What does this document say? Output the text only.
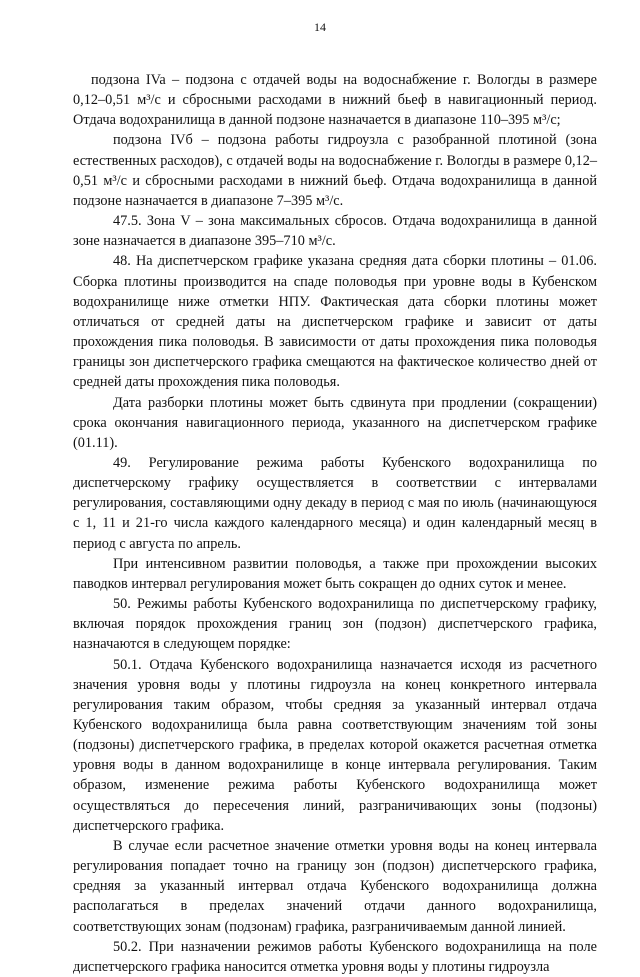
14

подзона IVa – подзона с отдачей воды на водоснабжение г. Вологды в размере 0,12–0,51 м³/с и сбросными расходами в нижний бьеф в навигационный период. Отдача водохранилища в данной подзоне назначается в диапазоне 110–395 м³/с;

подзона IVб – подзона работы гидроузла с разобранной плотиной (зона естественных расходов), с отдачей воды на водоснабжение г. Вологды в размере 0,12–0,51 м³/с и сбросными расходами в нижний бьеф. Отдача водохранилища в данной подзоне назначается в диапазоне 7–395 м³/с.

47.5. Зона V – зона максимальных сбросов. Отдача водохранилища в данной зоне назначается в диапазоне 395–710 м³/с.

48. На диспетчерском графике указана средняя дата сборки плотины – 01.06. Сборка плотины производится на спаде половодья при уровне воды в Кубенском водохранилище ниже отметки НПУ. Фактическая дата сборки плотины может отличаться от средней даты на диспетчерском графике и зависит от даты прохождения пика половодья. В зависимости от даты прохождения пика половодья границы зон диспетчерского графика смещаются на фактическое количество дней от средней даты прохождения пика половодья.

Дата разборки плотины может быть сдвинута при продлении (сокращении) срока окончания навигационного периода, указанного на диспетчерском графике (01.11).

49. Регулирование режима работы Кубенского водохранилища по диспетчерскому графику осуществляется в соответствии с интервалами регулирования, составляющими одну декаду в период с мая по июль (начинающуюся с 1, 11 и 21-го числа каждого календарного месяца) и один календарный месяц в период с августа по апрель.

При интенсивном развитии половодья, а также при прохождении высоких паводков интервал регулирования может быть сокращен до одних суток и менее.

50. Режимы работы Кубенского водохранилища по диспетчерскому графику, включая порядок прохождения границ зон (подзон) диспетчерского графика, назначаются в следующем порядке:

50.1. Отдача Кубенского водохранилища назначается исходя из расчетного значения уровня воды у плотины гидроузла на конец конкретного интервала регулирования таким образом, чтобы средняя за указанный интервал отдача Кубенского водохранилища была равна соответствующим значениям той зоны (подзоны) диспетчерского графика, в пределах которой окажется расчетная отметка уровня воды в данном водохранилище в конце интервала регулирования. Таким образом, изменение режима работы Кубенского водохранилища может осуществляться до пересечения линий, разграничивающих зоны (подзоны) диспетчерского графика.

В случае если расчетное значение отметки уровня воды на конец интервала регулирования попадает точно на границу зон (подзон) диспетчерского графика, средняя за указанный интервал отдача Кубенского водохранилища должна располагаться в пределах значений отдачи данного водохранилища, соответствующих зонам (подзонам) графика, разграничиваемым данной линией.

50.2. При назначении режимов работы Кубенского водохранилища на поле диспетчерского графика наносится отметка уровня воды у плотины гидроузла
